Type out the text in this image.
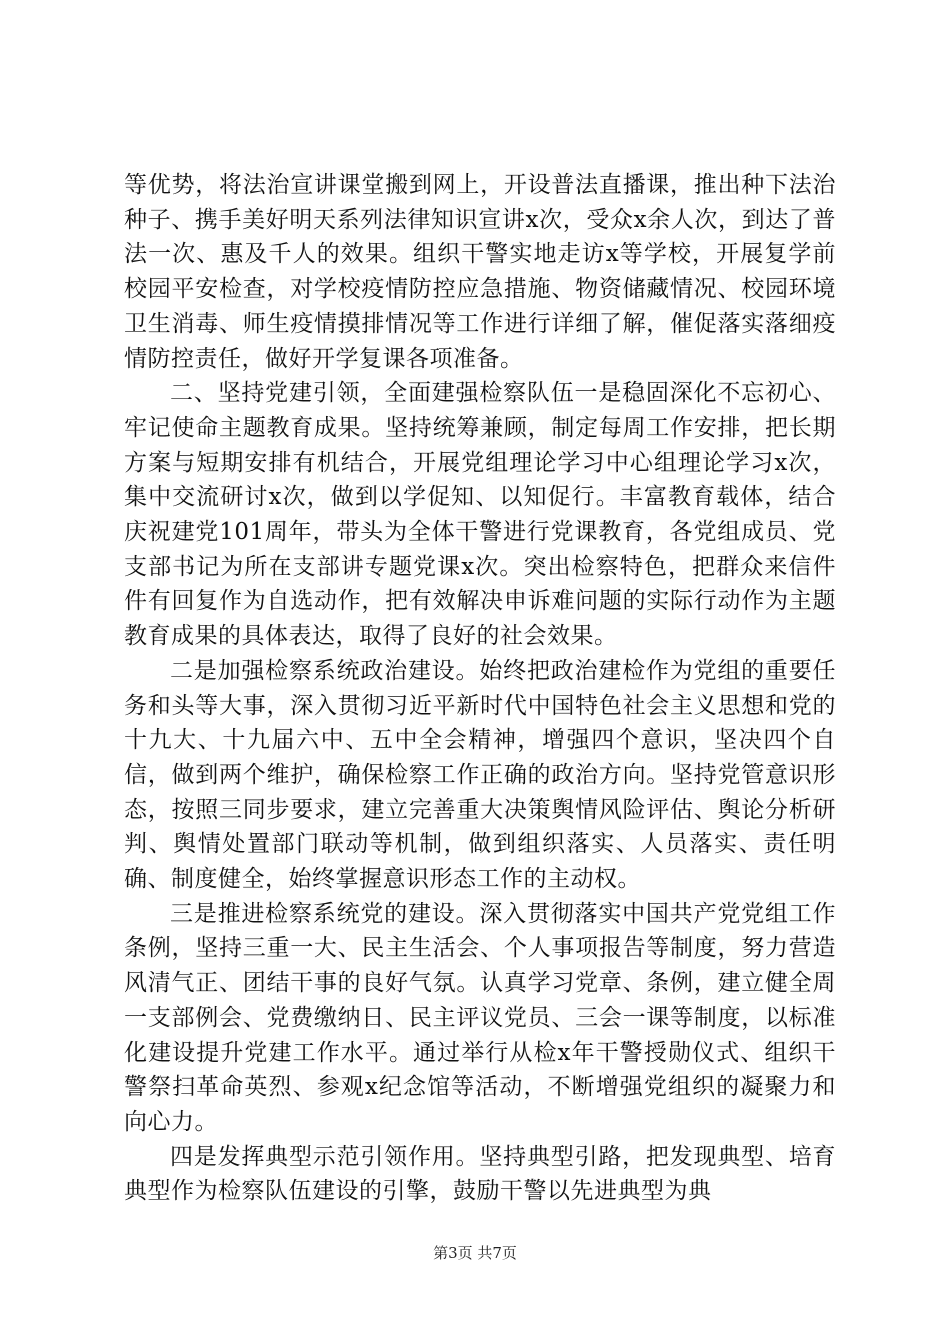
等优势，将法治宣讲课堂搬到网上，开设普法直播课，推出种下法治种子、携手美好明天系列法律知识宣讲x次，受众x余人次，到达了普法一次、惠及千人的效果。组织干警实地走访x等学校，开展复学前校园平安检查，对学校疫情防控应急措施、物资储藏情况、校园环境卫生消毒、师生疫情摸排情况等工作进行详细了解，催促落实落细疫情防控责任，做好开学复课各项准备。

二、坚持党建引领，全面建强检察队伍一是稳固深化不忘初心、牢记使命主题教育成果。坚持统筹兼顾，制定每周工作安排，把长期方案与短期安排有机结合，开展党组理论学习中心组理论学习x次，集中交流研讨x次，做到以学促知、以知促行。丰富教育载体，结合庆祝建党101周年，带头为全体干警进行党课教育，各党组成员、党支部书记为所在支部讲专题党课x次。突出检察特色，把群众来信件件有回复作为自选动作，把有效解决申诉难问题的实际行动作为主题教育成果的具体表达，取得了良好的社会效果。

二是加强检察系统政治建设。始终把政治建检作为党组的重要任务和头等大事，深入贯彻习近平新时代中国特色社会主义思想和党的十九大、十九届六中、五中全会精神，增强四个意识，坚决四个自信，做到两个维护，确保检察工作正确的政治方向。坚持党管意识形态，按照三同步要求，建立完善重大决策舆情风险评估、舆论分析研判、舆情处置部门联动等机制，做到组织落实、人员落实、责任明确、制度健全，始终掌握意识形态工作的主动权。

三是推进检察系统党的建设。深入贯彻落实中国共产党党组工作条例，坚持三重一大、民主生活会、个人事项报告等制度，努力营造风清气正、团结干事的良好气氛。认真学习党章、条例，建立健全周一支部例会、党费缴纳日、民主评议党员、三会一课等制度，以标准化建设提升党建工作水平。通过举行从检x年干警授勋仪式、组织干警祭扫革命英烈、参观x纪念馆等活动，不断增强党组织的凝聚力和向心力。

四是发挥典型示范引领作用。坚持典型引路，把发现典型、培育典型作为检察队伍建设的引擎，鼓励干警以先进典型为典

第3页 共7页
